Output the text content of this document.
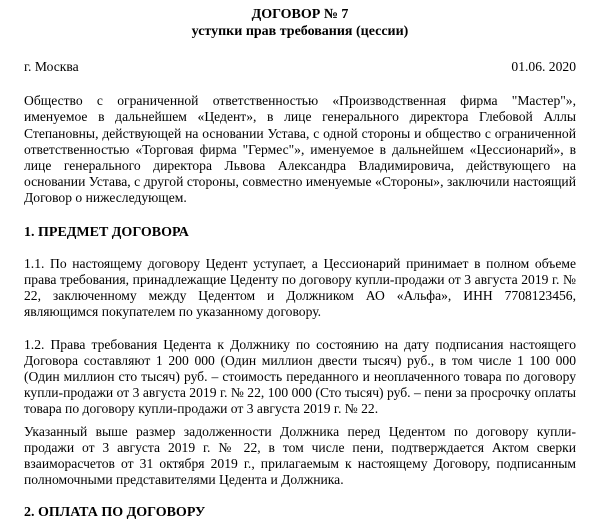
ДОГОВОР № 7
уступки прав требования (цессии)
г. Москва	01.06. 2020

Общество с ограниченной ответственностью «Производственная фирма "Мастер"», именуемое в дальнейшем «Цедент», в лице генерального директора Глебовой Аллы Степановны, действующей на основании Устава, с одной стороны и общество с ограниченной ответственностью «Торговая фирма "Гермес"», именуемое в дальнейшем «Цессионарий», в лице генерального директора Львова Александра Владимировича, действующего на основании Устава, с другой стороны, совместно именуемые «Стороны», заключили настоящий Договор о нижеследующем.

1. ПРЕДМЕТ ДОГОВОРА

1.1. По настоящему договору Цедент уступает, а Цессионарий принимает в полном объеме права требования, принадлежащие Цеденту по договору купли-продажи от 3 августа 2019 г. № 22, заключенному между Цедентом и Должником АО «Альфа», ИНН 7708123456, являющимся покупателем по указанному договору.

1.2. Права требования Цедента к Должнику по состоянию на дату подписания настоящего Договора составляют 1 200 000 (Один миллион двести тысяч) руб., в том числе 1 100 000 (Один миллион сто тысяч) руб. – стоимость переданного и неоплаченного товара по договору купли-продажи от 3 августа 2019 г. № 22, 100 000 (Сто тысяч) руб. – пени за просрочку оплаты товара по договору купли-продажи от 3 августа 2019 г. № 22.

Указанный выше размер задолженности Должника перед Цедентом по договору купли-продажи от 3 августа 2019 г. № 22, в том числе пени, подтверждается Актом сверки взаиморасчетов от 31 октября 2019 г., прилагаемым к настоящему Договору, подписанным полномочными представителями Цедента и Должника.

2. ОПЛАТА ПО ДОГОВОРУ
